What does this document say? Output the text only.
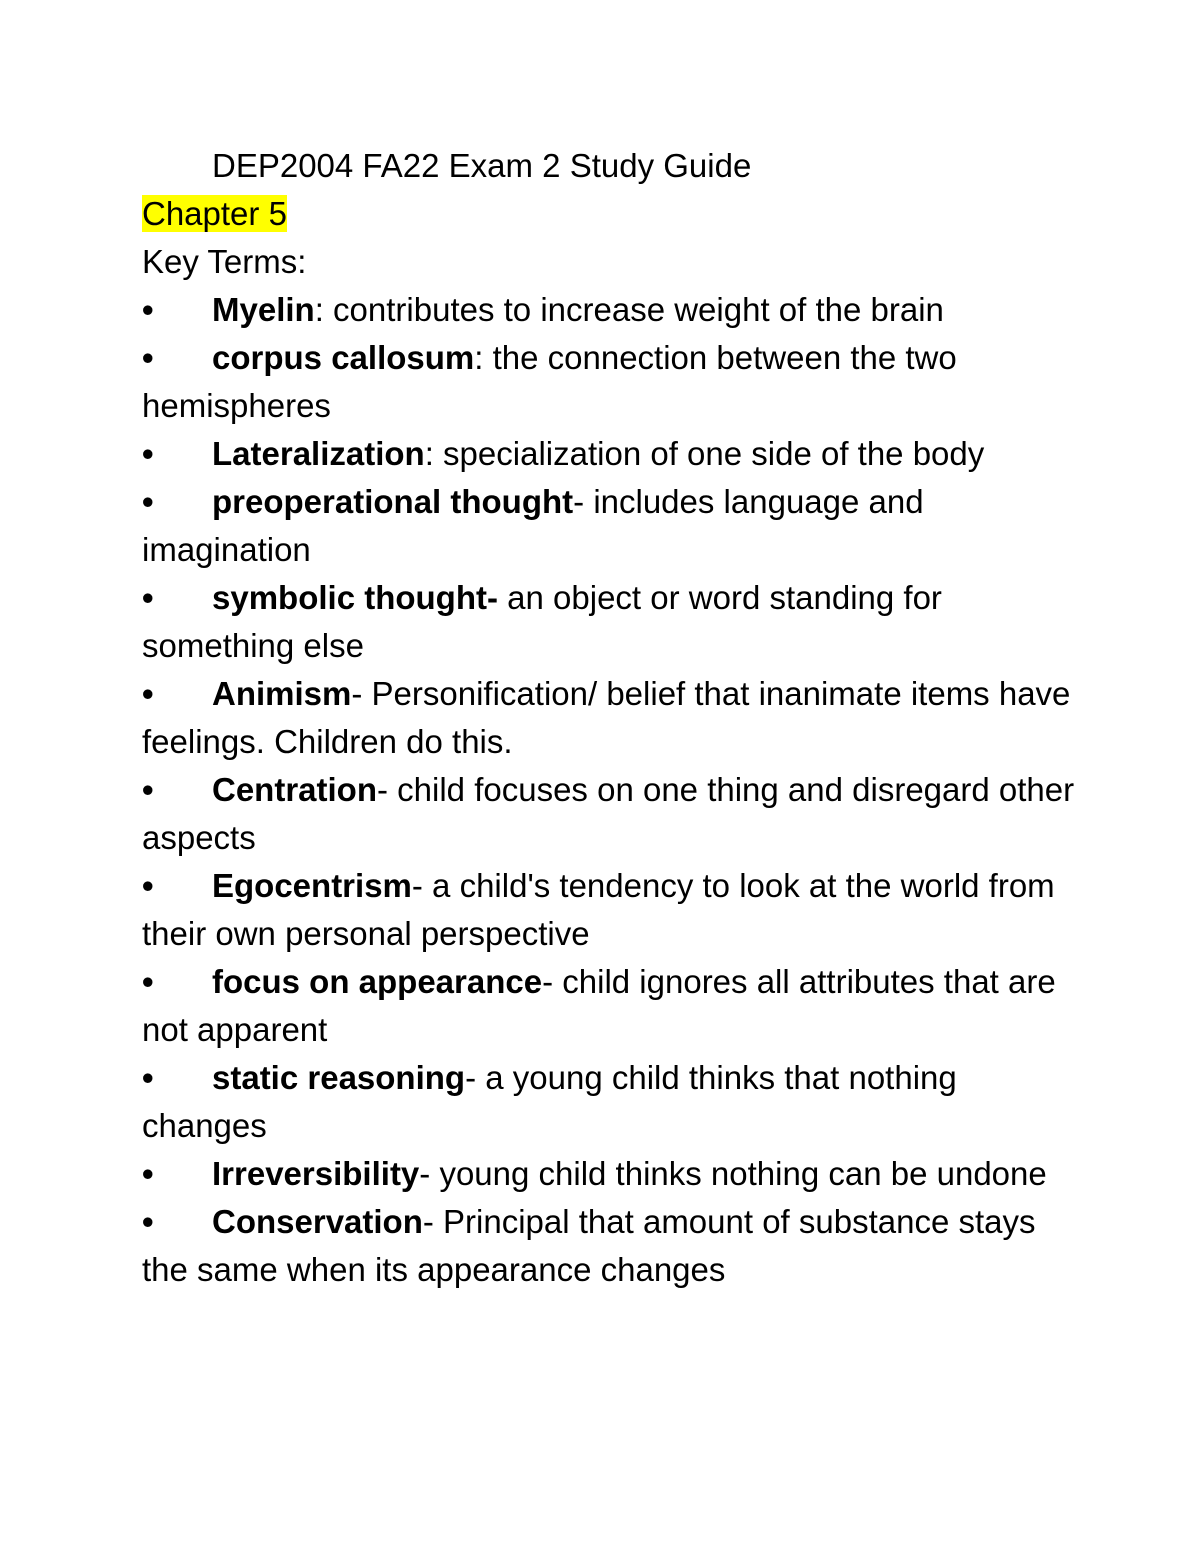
DEP2004 FA22 Exam 2 Study Guide
Chapter 5
Key Terms:
• Myelin: contributes to increase weight of the brain
• corpus callosum: the connection between the two hemispheres
• Lateralization: specialization of one side of the body
• preoperational thought- includes language and imagination
• symbolic thought- an object or word standing for something else
• Animism- Personification/ belief that inanimate items have feelings. Children do this.
• Centration- child focuses on one thing and disregard other aspects
• Egocentrism- a child's tendency to look at the world from their own personal perspective
• focus on appearance- child ignores all attributes that are not apparent
• static reasoning- a young child thinks that nothing changes
• Irreversibility- young child thinks nothing can be undone
• Conservation- Principal that amount of substance stays the same when its appearance changes
